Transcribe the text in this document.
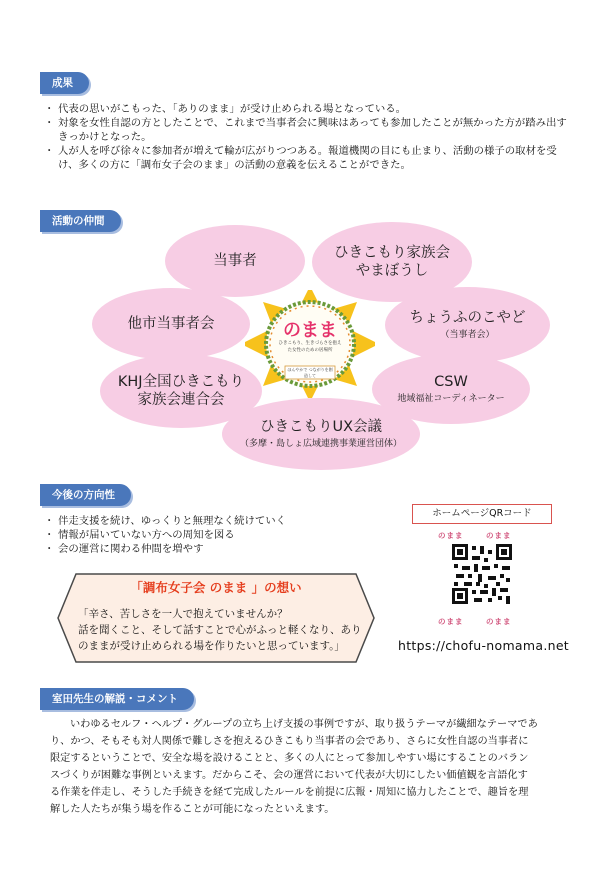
成果
・ 代表の思いがこもった、「ありのまま」が受け止められる場となっている。
・ 対象を女性自認の方としたことで、これまで当事者会に興味はあっても参加したことが無かった方が踏み出すきっかけとなった。
・ 人が人を呼び徐々に参加者が増えて輪が広がりつつある。報道機関の目にも止まり、活動の様子の取材を受け、多くの方に「調布女子会のまま」の活動の意義を伝えることができた。
活動の仲間
当事者	ひきこもり家族会やまぼうし
ちょうふのこやど
（当事者会）
CSW
地域福祉コーディネーター
ひきこもりUX会議
（多摩・島しょ広域連携事業運営団体）
KHJ全国ひきこもり家族会連合会
他市当事者会	のまま
ひきこもり、生きづらさを抱えた女性のための居場所
ほんやかで つながりを創造して
今後の方向性
・ 伴走支援を続け、ゆっくりと無理なく続けていく
・ 情報が届いていない方への周知を図る
・ 会の運営に関わる仲間を増やす
ホームページQRコード
のまま	のまま
のまま	のまま
https://chofu-nomama.net
「調布女子会 のまま 」の想い
「辛さ、苦しさを一人で抱えていませんか？
話を聞くこと、そして話すことで心がふっと軽くなり、あり
のままが受け止められる場を作りたいと思っています。」
室田先生の解説・コメント
いわゆるセルフ・ヘルプ・グループの立ち上げ支援の事例ですが、取り扱うテーマが繊細なテーマであ
り、かつ、そもそも対人関係で難しさを抱えるひきこもり当事者の会であり、さらに女性自認の当事者に
限定するということで、安全な場を設けることと、多くの人にとって参加しやすい場にすることのバラン
スづくりが困難な事例といえます。だからこそ、会の運営において代表が大切にしたい価値観を言語化す
る作業を伴走し、そうした手続きを経て完成したルールを前提に広報・周知に協力したことで、趣旨を理
解した人たちが集う場を作ることが可能になったといえます。
